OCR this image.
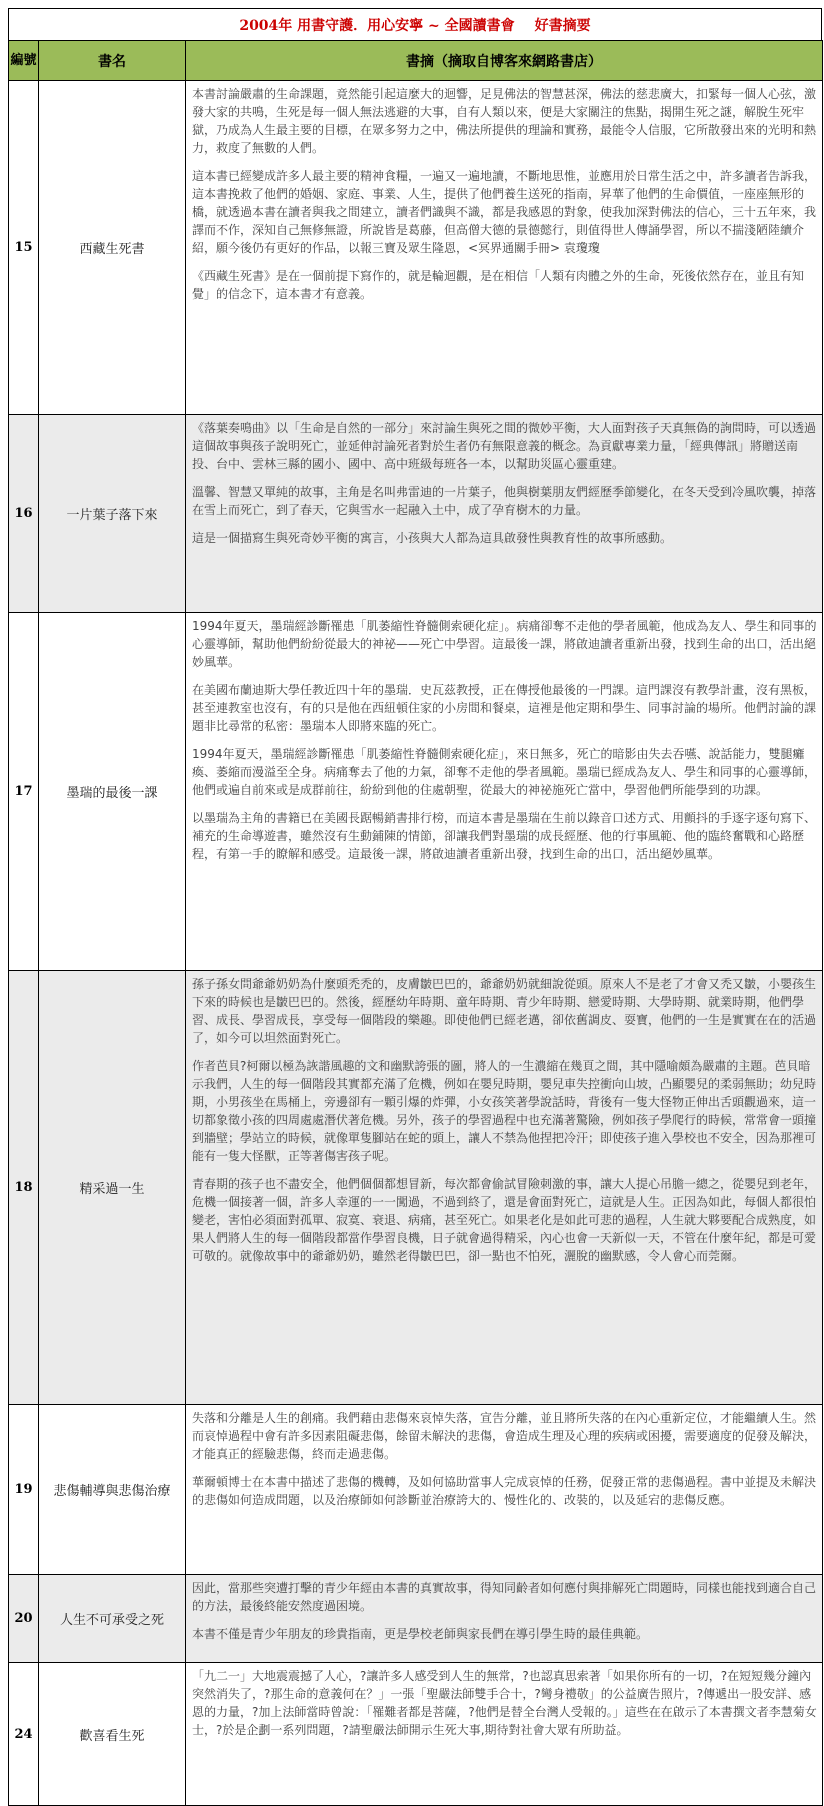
2004年 用書守護．用心安寧 ~ 全國讀書會 好書摘要
編號	書名	書摘（摘取自博客來網路書店）
15	西藏生死書	本書討論嚴肅的生命課題，竟然能引起這麼大的迴響，足見佛法的智慧甚深，佛法的慈悲廣大，扣緊每一個人心弦，激發大家的共鳴，生死是每一個人無法逃避的大事，自有人類以來，便是大家關注的焦點，揭開生死之謎，解脫生死牢獄，乃成為人生最主要的目標，在眾多努力之中，佛法所提供的理論和實務，最能令人信服，它所散發出來的光明和熱力，救度了無數的人們。

這本書已經變成許多人最主要的精神食糧，一遍又一遍地讀，不斷地思惟，並應用於日常生活之中，許多讀者告訴我，這本書挽救了他們的婚姻、家庭、事業、人生，提供了他們養生送死的指南，昇華了他們的生命價值，一座座無形的橋，就透過本書在讀者與我之間建立，讀者們識與不識，都是我感恩的對象，使我加深對佛法的信心，三十五年來，我譯而不作，深知自己無修無證，所說皆是葛藤，但高僧大德的景德懿行，則值得世人傳誦學習，所以不揣淺陋陸續介紹，願今後仍有更好的作品，以報三寶及眾生隆恩，<冥界通關手冊> 袁瓊瓊

《西藏生死書》是在一個前提下寫作的，就是輪迴觀，是在相信「人類有肉體之外的生命，死後依然存在，並且有知覺」的信念下，這本書才有意義。

16	一片葉子落下來	《落葉奏鳴曲》以「生命是自然的一部分」來討論生與死之間的微妙平衡，大人面對孩子天真無偽的詢問時，可以透過這個故事與孩子說明死亡，並延伸討論死者對於生者仍有無限意義的概念。為貢獻專業力量，「經典傳訊」將贈送南投、台中、雲林三縣的國小、國中、高中班級每班各一本，以幫助災區心靈重建。

溫馨、智慧又單純的故事，主角是名叫弗雷迪的一片葉子，他與樹葉朋友們經歷季節變化，在冬天受到冷風吹襲，掉落在雪上而死亡，到了春天，它與雪水一起融入土中，成了孕育樹木的力量。

這是一個描寫生與死奇妙平衡的寓言，小孩與大人都為這具啟發性與教育性的故事所感動。

17	墨瑞的最後一課	1994年夏天，墨瑞經診斷罹患「肌萎縮性脊髓側索硬化症」。病痛卻奪不走他的學者風範，他成為友人、學生和同事的心靈導師，幫助他們紛紛從最大的神祕——死亡中學習。這最後一課，將啟迪讀者重新出發，找到生命的出口，活出絕妙風華。

在美國布蘭迪斯大學任教近四十年的墨瑞．史瓦茲教授，正在傳授他最後的一門課。這門課沒有教學計畫，沒有黑板，甚至連教室也沒有，有的只是他在西紐頓住家的小房間和餐桌，這裡是他定期和學生、同事討論的場所。他們討論的課題非比尋常的私密：墨瑞本人即將來臨的死亡。

1994年夏天，墨瑞經診斷罹患「肌萎縮性脊髓側索硬化症」，來日無多，死亡的暗影由失去吞嚥、說話能力，雙腿癱瘓、萎縮而漫溢至全身。病痛奪去了他的力氣，卻奪不走他的學者風範。墨瑞已經成為友人、學生和同事的心靈導師，他們或遍自前來或是成群前往，紛紛到他的住處朝聖，從最大的神祕施死亡當中，學習他們所能學到的功課。

以墨瑞為主角的書籍已在美國長踞暢銷書排行榜，而這本書是墨瑞在生前以錄音口述方式、用顫抖的手逐字逐句寫下、補充的生命導遊書，雖然沒有生動鋪陳的情節，卻讓我們對墨瑞的成長經歷、他的行事風範、他的臨終奮戰和心路歷程，有第一手的瞭解和感受。這最後一課，將啟迪讀者重新出發，找到生命的出口，活出絕妙風華。

18	精采過一生	孫子孫女問爺爺奶奶為什麼頭禿禿的，皮膚皺巴巴的，爺爺奶奶就細說從頭。原來人不是老了才會又禿又皺，小嬰孩生下來的時候也是皺巴巴的。然後，經歷幼年時期、童年時期、青少年時期、戀愛時期、大學時期、就業時期，他們學習、成長、學習成長，享受每一個階段的樂趣。即使他們已經老邁，卻依舊調皮、耍寶，他們的一生是實實在在的活過了，如今可以坦然面對死亡。

作者芭貝?柯爾以極為詼諧風趣的文和幽默誇張的圖，將人的一生濃縮在幾頁之間，其中隱喻頗為嚴肅的主題。芭貝暗示我們，人生的每一個階段其實都充滿了危機，例如在嬰兒時期，嬰兒車失控衝向山坡，凸顯嬰兒的柔弱無助；幼兒時期，小男孩坐在馬桶上，旁邊卻有一顆引爆的炸彈，小女孩笑著學說話時，背後有一隻大怪物正伸出舌頭觀過來，這一切都象徵小孩的四周處處潛伏著危機。另外，孩子的學習過程中也充滿著驚險，例如孩子學爬行的時候，常常會一頭撞到牆壁；學站立的時候，就像單隻腳站在蛇的頭上，讓人不禁為他捏把冷汗；即使孩子進入學校也不安全，因為那裡可能有一隻大怪獸，正等著傷害孩子呢。

青春期的孩子也不盡安全，他們個個都想冒新，每次都會偷試冒險刺激的事，讓大人提心吊膽一總之，從嬰兒到老年，危機一個接著一個，許多人幸運的一一闖過，不過到終了，還是會面對死亡，這就是人生。正因為如此，每個人都很怕變老，害怕必須面對孤單、寂寞、衰退、病痛，甚至死亡。如果老化是如此可悲的過程，人生就大夥要配合成熟度，如果人們將人生的每一個階段都當作學習良機，日子就會過得精采，內心也會一天新似一天，不管在什麼年紀，都是可愛可敬的。就像故事中的爺爺奶奶，雖然老得皺巴巴，卻一點也不怕死，灑脫的幽默感，令人會心而莞爾。

19	悲傷輔導與悲傷治療	失落和分離是人生的創痛。我們藉由悲傷來哀悼失落，宣告分離，並且將所失落的在內心重新定位，才能繼續人生。然而哀悼過程中會有許多因素阻礙悲傷，餘留未解決的悲傷，會造成生理及心理的疾病或困擾，需要適度的促發及解決，才能真正的經驗悲傷，終而走過悲傷。

華爾頓博士在本書中描述了悲傷的機轉，及如何協助當事人完成哀悼的任務，促發正常的悲傷過程。書中並提及未解決的悲傷如何造成問題，以及治療師如何診斷並治療誇大的、慢性化的、改裝的，以及延宕的悲傷反應。

20	人生不可承受之死	因此，當那些突遭打擊的青少年經由本書的真實故事，得知同齡者如何應付與排解死亡問題時，同樣也能找到適合自己的方法，最後終能安然度過困境。

本書不僅是青少年朋友的珍貴指南，更是學校老師與家長們在導引學生時的最佳典範。

24	歡喜看生死	「九二一」大地震震撼了人心，?讓許多人感受到人生的無常，?也認真思索著「如果你所有的一切，?在短短幾分鐘內突然消失了，?那生命的意義何在？」一張「聖嚴法師雙手合十，?彎身禮敬」的公益廣告照片，?傳遞出一股安詳、感恩的力量，?加上法師當時曾說：「罹難者都是菩薩，?他們是替全台灣人受報的。」這些在在啟示了本書撰文者李慧菊女士，?於是企劃一系列問題，?請聖嚴法師開示生死大事,期待對社會大眾有所助益。
